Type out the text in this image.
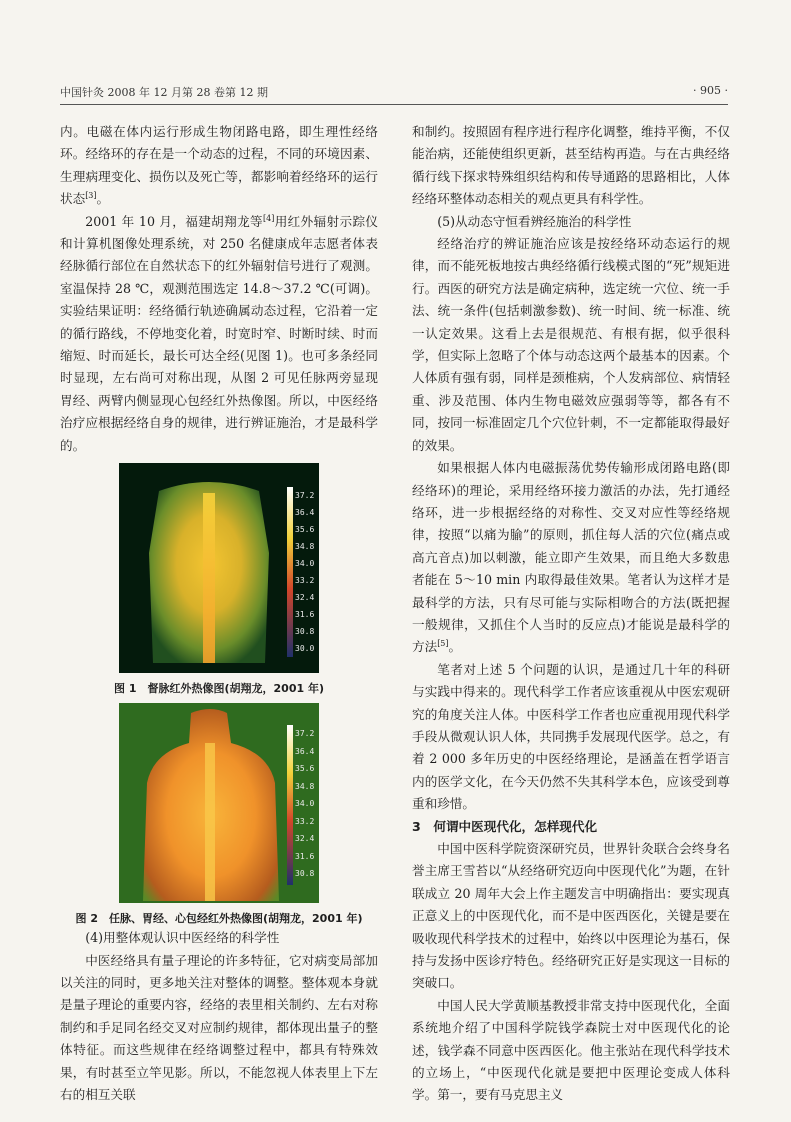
中国针灸 2008 年 12 月第 28 卷第 12 期	· 905 ·

内。电磁在体内运行形成生物闭路电路，即生理性经络环。经络环的存在是一个动态的过程，不同的环境因素、生理病理变化、损伤以及死亡等，都影响着经络环的运行状态[3]。

2001 年 10 月，福建胡翔龙等[4]用红外辐射示踪仪和计算机图像处理系统，对 250 名健康成年志愿者体表经脉循行部位在自然状态下的红外辐射信号进行了观测。室温保持 28 ℃，观测范围选定 14.8～37.2 ℃(可调)。实验结果证明：经络循行轨迹确属动态过程，它沿着一定的循行路线，不停地变化着，时宽时窄、时断时续、时而缩短、时而延长，最长可达全经(见图 1)。也可多条经同时显现，左右尚可对称出现，从图 2 可见任脉两旁显现胃经、两臂内侧显现心包经红外热像图。所以，中医经络治疗应根据经络自身的规律，进行辨证施治，才是最科学的。

37.2
36.4
35.6
34.8
34.0
33.2
32.4
31.6
30.8
30.0
图 1　督脉红外热像图(胡翔龙，2001 年)
37.2
36.4
35.6
34.8
34.0
33.2
32.4
31.6
30.8
图 2　任脉、胃经、心包经红外热像图(胡翔龙，2001 年)

(4)用整体观认识中医经络的科学性

中医经络具有量子理论的许多特征，它对病变局部加以关注的同时，更多地关注对整体的调整。整体观本身就是量子理论的重要内容，经络的表里相关制约、左右对称制约和手足同名经交叉对应制约规律，都体现出量子的整体特征。而这些规律在经络调整过程中，都具有特殊效果，有时甚至立竿见影。所以，不能忽视人体表里上下左右的相互关联

和制约。按照固有程序进行程序化调整，维持平衡，不仅能治病，还能使组织更新，甚至结构再造。与在古典经络循行线下探求特殊组织结构和传导通路的思路相比，人体经络环整体动态相关的观点更具有科学性。

(5)从动态守恒看辨经施治的科学性

经络治疗的辨证施治应该是按经络环动态运行的规律，而不能死板地按古典经络循行线模式图的“死”规矩进行。西医的研究方法是确定病种，选定统一穴位、统一手法、统一条件(包括刺激参数)、统一时间、统一标准、统一认定效果。这看上去是很规范、有根有据，似乎很科学，但实际上忽略了个体与动态这两个最基本的因素。个人体质有强有弱，同样是颈椎病，个人发病部位、病情轻重、涉及范围、体内生物电磁效应强弱等等，都各有不同，按同一标准固定几个穴位针刺，不一定都能取得最好的效果。

如果根据人体内电磁振荡优势传输形成闭路电路(即经络环)的理论，采用经络环接力激活的办法，先打通经络环，进一步根据经络的对称性、交叉对应性等经络规律，按照“以痛为腧”的原则，抓住每人活的穴位(痛点或高亢音点)加以刺激，能立即产生效果，而且绝大多数患者能在 5～10 min 内取得最佳效果。笔者认为这样才是最科学的方法，只有尽可能与实际相吻合的方法(既把握一般规律，又抓住个人当时的反应点)才能说是最科学的方法[5]。

笔者对上述 5 个问题的认识，是通过几十年的科研与实践中得来的。现代科学工作者应该重视从中医宏观研究的角度关注人体。中医科学工作者也应重视用现代科学手段从微观认识人体，共同携手发展现代医学。总之，有着 2 000 多年历史的中医经络理论，是涵盖在哲学语言内的医学文化，在今天仍然不失其科学本色，应该受到尊重和珍惜。

3　何谓中医现代化，怎样现代化

中国中医科学院资深研究员，世界针灸联合会终身名誉主席王雪苔以“从经络研究迈向中医现代化”为题，在针联成立 20 周年大会上作主题发言中明确指出：要实现真正意义上的中医现代化，而不是中医西医化，关键是要在吸收现代科学技术的过程中，始终以中医理论为基石，保持与发扬中医诊疗特色。经络研究正好是实现这一目标的突破口。

中国人民大学黄顺基教授非常支持中医现代化，全面系统地介绍了中国科学院钱学森院士对中医现代化的论述，钱学森不同意中医西医化。他主张站在现代科学技术的立场上，“中医现代化就是要把中医理论变成人体科学。第一，要有马克思主义
